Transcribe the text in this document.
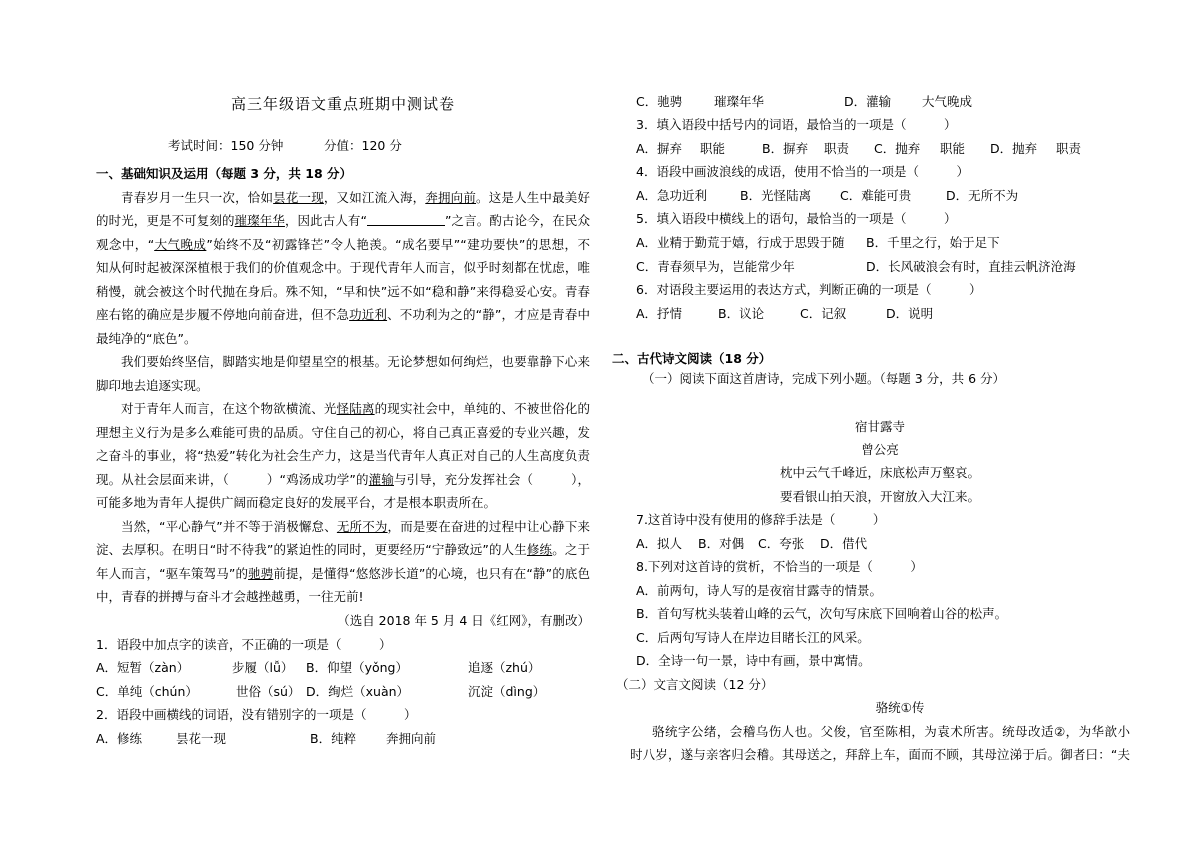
高三年级语文重点班期中测试卷
考试时间：150 分钟	分值：120 分
一、基础知识及运用（每题 3 分，共 18 分）
青春岁月一生只一次，恰如昙花一现，又如江流入海，奔拥向前。这是人生中最美好
的时光，更是不可复刻的璀璨年华，因此古人有“	”之言。酌古论今，在民众
观念中，“大气晚成”始终不及“初露锋芒”令人艳羡。“成名要早”“建功要快”的思想，不
知从何时起被深深植根于我们的价值观念中。于现代青年人而言，似乎时刻都在忧虑，唯
稍慢，就会被这个时代抛在身后。殊不知，“早和快”远不如“稳和静”来得稳妥心安。青春
座右铭的确应是步履不停地向前奋进，但不急功近利、不功利为之的“静”，才应是青春中
最纯净的“底色”。
我们要始终坚信，脚踏实地是仰望星空的根基。无论梦想如何绚烂，也要靠静下心来
脚印地去追逐实现。
对于青年人而言，在这个物欲横流、光怪陆离的现实社会中，单纯的、不被世俗化的
理想主义行为是多么难能可贵的品质。守住自己的初心，将自己真正喜爱的专业兴趣，发
之奋斗的事业，将“热爱”转化为社会生产力，这是当代青年人真正对自己的人生高度负责
现。从社会层面来讲，（　　　）“鸡汤成功学”的灌输与引导，充分发挥社会（　　　），
可能多地为青年人提供广阔而稳定良好的发展平台，才是根本职责所在。
当然，“平心静气”并不等于消极懈怠、无所不为，而是要在奋进的过程中让心静下来
淀、去厚积。在明日“时不待我”的紧迫性的同时，更要经历“宁静致远”的人生修练。之于
年人而言，“驱车策驾马”的驰骋前提，是懂得“悠悠涉长道”的心境，也只有在“静”的底色
中，青春的拼搏与奋斗才会越挫越勇，一往无前!
（选自 2018 年 5 月 4 日《红网》，有删改）
1．语段中加点字的读音，不正确的一项是（　　　）
A．短暂（zàn）	步履（lǚ） B．仰望（yǒng）	追逐（zhú）
C．单纯（chún）	世俗（sú） D．绚烂（xuàn）	沉淀（dìng）
2．语段中画横线的词语，没有错别字的一项是（　　　）
A．修练	昙花一现	B．纯粹 奔拥向前
C．驰骋	璀璨年华	D．灌输 大气晚成
3．填入语段中括号内的词语，最恰当的一项是（　　　）
A．摒弃 职能	B．摒弃 职责 C．抛弃 职能 D．抛弃 职责
4．语段中画波浪线的成语，使用不恰当的一项是（　　　）
A．急功近利	B．光怪陆离 C．难能可贵	D．无所不为
5．填入语段中横线上的语句，最恰当的一项是（　　　）
A．业精于勤荒于嬉，行成于思毁于随 B．千里之行，始于足下
C．青春须早为，岂能常少年	D．长风破浪会有时，直挂云帆济沧海
6．对语段主要运用的表达方式，判断正确的一项是（　　　）
A．抒情	B．议论	C．记叙	D．说明
二、古代诗文阅读（18 分）
（一）阅读下面这首唐诗，完成下列小题。（每题 3 分，共 6 分）
宿甘露寺
曾公亮
枕中云气千峰近，床底松声万壑哀。
要看银山拍天浪，开窗放入大江来。
7.这首诗中没有使用的修辞手法是（　　　）
A．拟人 B．对偶 C．夸张 D．借代
8.下列对这首诗的赏析，不恰当的一项是（　　　）
A．前两句，诗人写的是夜宿甘露寺的情景。
B．首句写枕头装着山峰的云气，次句写床底下回响着山谷的松声。
C．后两句写诗人在岸边目睹长江的风采。
D．全诗一句一景，诗中有画，景中寓情。
（二）文言文阅读（12 分）
骆统①传
骆统字公绪，会稽乌伤人也。父俊，官至陈相，为袁术所害。统母改适②，为华歆小
时八岁，遂与亲客归会稽。其母送之，拜辞上车，面而不顾，其母泣涕于后。御者曰：“夫
